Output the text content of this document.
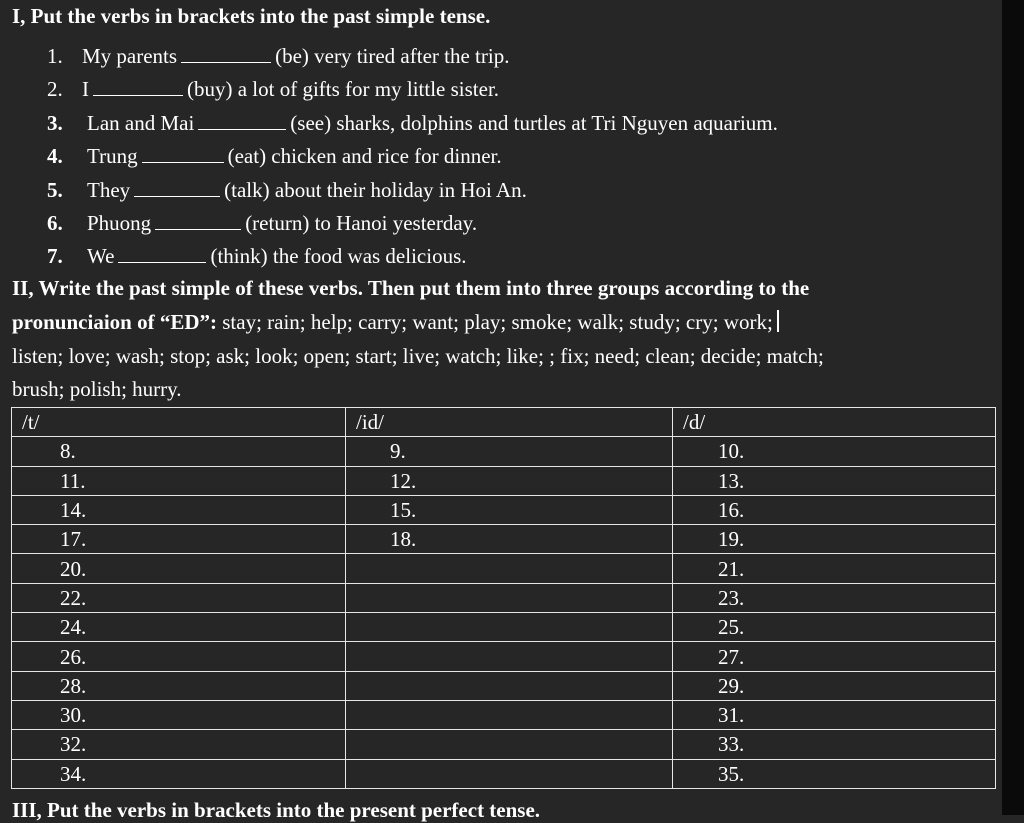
I, Put the verbs in brackets into the past simple tense.
1. My parents	(be) very tired after the trip.
2. I	(buy) a lot of gifts for my little sister.
3. Lan and Mai	(see) sharks, dolphins and turtles at Tri Nguyen aquarium.
4. Trung	(eat) chicken and rice for dinner.
5. They	(talk) about their holiday in Hoi An.
6. Phuong	(return) to Hanoi yesterday.
7. We	(think) the food was delicious.
II, Write the past simple of these verbs. Then put them into three groups according to the
pronunciaion of “ED”: stay; rain; help; carry; want; play; smoke; walk; study; cry; work;
listen; love; wash; stop; ask; look; open; start; live; watch; like; ; fix; need; clean; decide; match;
brush; polish; hurry.
/t/	/id/	/d/
8.	9.	10.
11.	12.	13.
14.	15.	16.
17.	18.	19.
20.		21.
22.		23.
24.		25.
26.		27.
28.		29.
30.		31.
32.		33.
34.		35.
III, Put the verbs in brackets into the present perfect tense.
